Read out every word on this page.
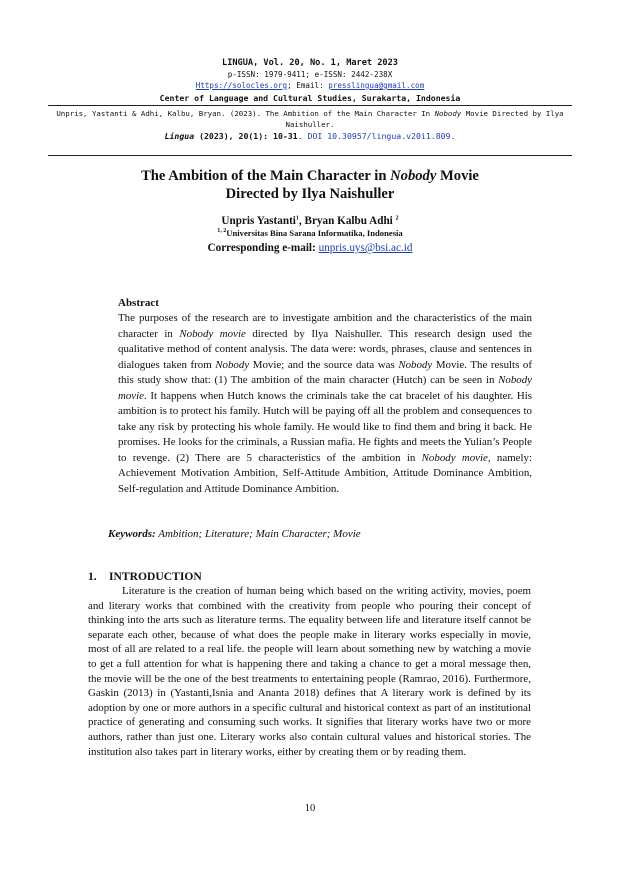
LINGUA, Vol. 20, No. 1, Maret 2023
p-ISSN: 1979-9411; e-ISSN: 2442-238X
Https://solocles.org; Email: presslingua@gmail.com
Center of Language and Cultural Studies, Surakarta, Indonesia
Unpris, Yastanti & Adhi, Kalbu, Bryan. (2023). The Ambition of the Main Character In Nobody Movie Directed by Ilya Naishuller.
Lingua (2023), 20(1): 10-31. DOI 10.30957/lingua.v20i1.809.
The Ambition of the Main Character in Nobody Movie
Directed by Ilya Naishuller
Unpris Yastanti$^1$, Bryan Kalbu Adhi $^2$
$^{1, 2}$Universitas Bina Sarana Informatika, Indonesia
Corresponding e-mail: unpris.uys@bsi.ac.id
Abstract
The purposes of the research are to investigate ambition and the characteristics of the main character in Nobody movie directed by Ilya Naishuller. This research design used the qualitative method of content analysis. The data were: words, phrases, clause and sentences in dialogues taken from Nobody Movie; and the source data was Nobody Movie. The results of this study show that: (1) The ambition of the main character (Hutch) can be seen in Nobody movie. It happens when Hutch knows the criminals take the cat bracelet of his daughter. His ambition is to protect his family. Hutch will be paying off all the problem and consequences to take any risk by protecting his whole family. He would like to find them and bring it back. He promises. He looks for the criminals, a Russian mafia. He fights and meets the Yulian’s People to revenge. (2) There are 5 characteristics of the ambition in Nobody movie, namely: Achievement Motivation Ambition, Self-Attitude Ambition, Attitude Dominance Ambition, Self-regulation and Attitude Dominance Ambition.
Keywords: Ambition; Literature; Main Character; Movie
1. INTRODUCTION
Literature is the creation of human being which based on the writing activity, movies, poem and literary works that combined with the creativity from people who pouring their concept of thinking into the arts such as literature terms. The equality between life and literature itself cannot be separate each other, because of what does the people make in literary works especially in movie, most of all are related to a real life. the people will learn about something new by watching a movie to get a full attention for what is happening there and taking a chance to get a moral message then, the movie will be the one of the best treatments to entertaining people (Ramrao, 2016). Furthermore, Gaskin (2013) in (Yastanti,Isnia and Ananta 2018) defines that A literary work is defined by its adoption by one or more authors in a specific cultural and historical context as part of an institutional practice of generating and consuming such works. It signifies that literary works have two or more authors, rather than just one. Literary works also contain cultural values and historical stories. The institution also takes part in literary works, either by creating them or by reading them.
10
